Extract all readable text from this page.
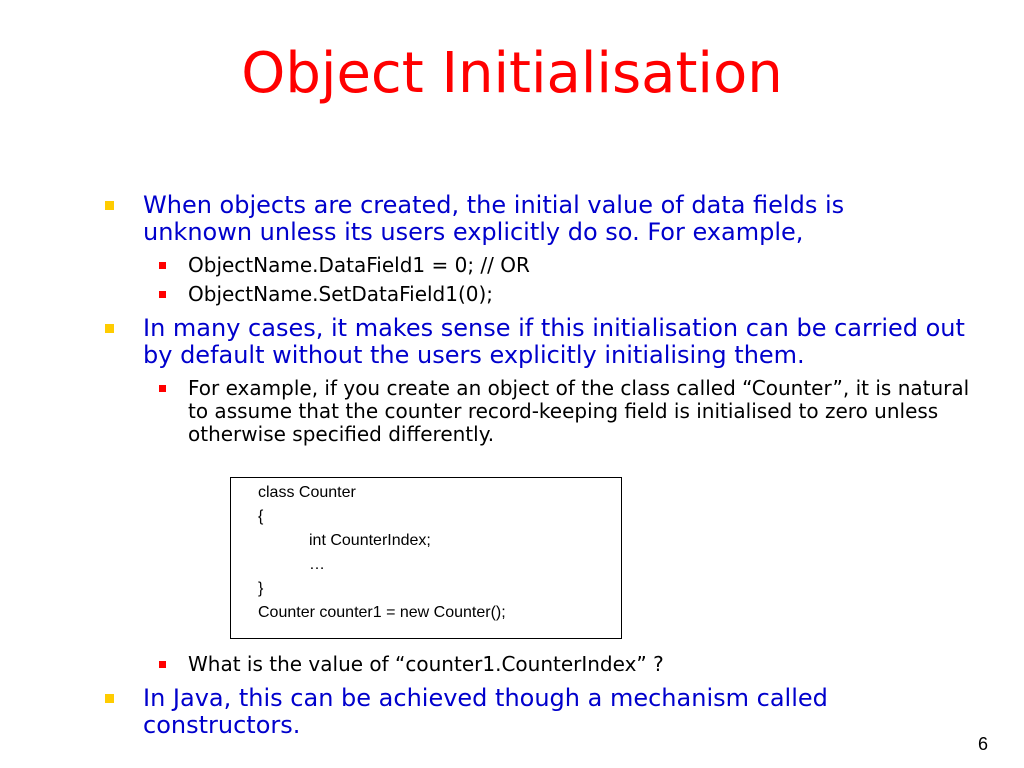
Object Initialisation
When objects are created, the initial value of data fields is unknown unless its users explicitly do so. For example,
ObjectName.DataField1 = 0; // OR
ObjectName.SetDataField1(0);
In many cases, it makes sense if this initialisation can be carried out by default without the users explicitly initialising them.
For example, if you create an object of the class called “Counter”, it is natural to assume that the counter record-keeping field is initialised to zero unless otherwise specified differently.
class Counter
{
int CounterIndex;
…
}
Counter counter1 = new Counter();
What is the value of “counter1.CounterIndex” ?
In Java, this can be achieved though a mechanism called constructors.
6
